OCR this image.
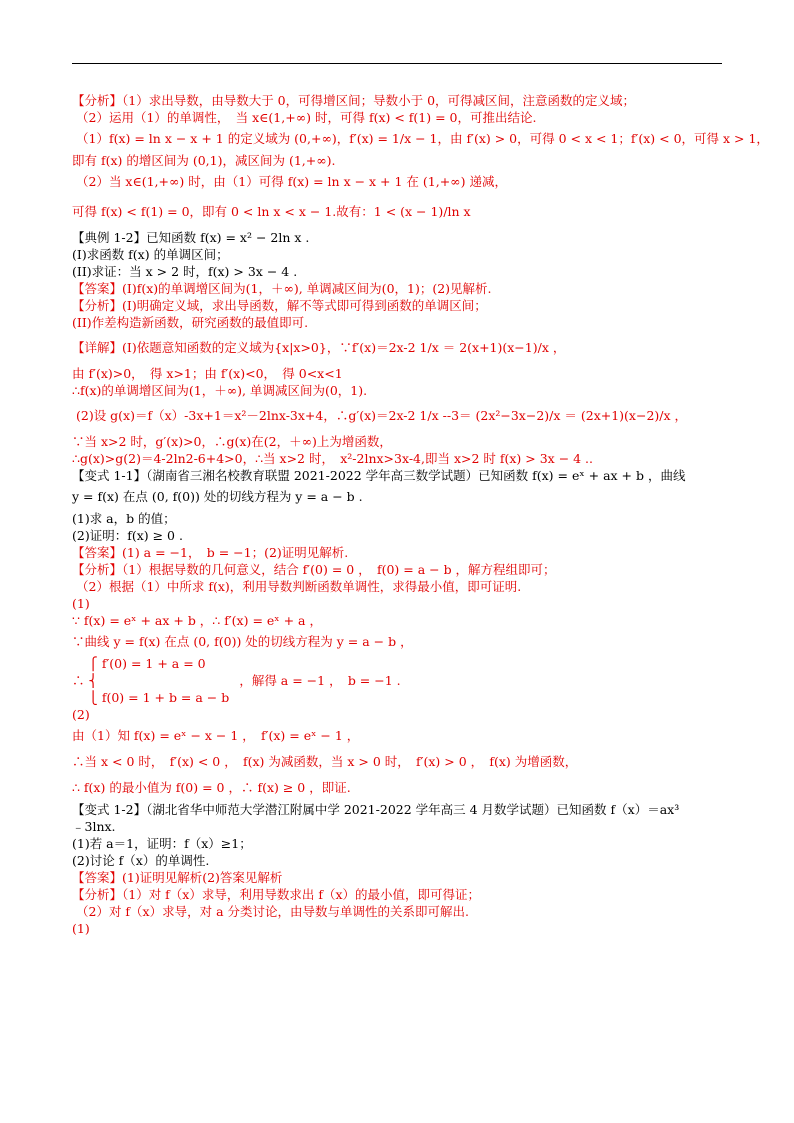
【分析】（1）求出导数，由导数大于 0，可得增区间；导数小于 0，可得减区间，注意函数的定义域；
（2）运用（1）的单调性，　当 x∈(1,+∞) 时，可得 f(x) < f(1) = 0，可推出结论.
（1）f(x) = ln x − x + 1 的定义域为 (0,+∞)，f′(x) = 1/x − 1，由 f′(x) > 0，可得 0 < x < 1；f′(x) < 0，可得 x > 1，
即有 f(x) 的增区间为 (0,1)，减区间为 (1,+∞).
（2）当 x∈(1,+∞) 时，由（1）可得 f(x) = ln x − x + 1 在 (1,+∞) 递减，
可得 f(x) < f(1) = 0，即有 0 < ln x < x − 1.故有：1 < (x − 1)/ln x
【典例 1-2】已知函数 f(x) = x² − 2ln x .
(I)求函数 f(x) 的单调区间；
(II)求证：当 x > 2 时，f(x) > 3x − 4 .
【答案】(I)f(x)的单调增区间为(1，＋∞), 单调减区间为(0，1)；(2)见解析.
【分析】(I)明确定义域，求出导函数，解不等式即可得到函数的单调区间；
(II)作差构造新函数，研究函数的最值即可.
【详解】(I)依题意知函数的定义域为{x|x>0}，∵f′(x)＝2x-2 1/x ＝ 2(x+1)(x−1)/x ，
由 f′(x)>0，　得 x>1；由 f′(x)<0，　得 0<x<1
∴f(x)的单调增区间为(1，＋∞), 单调减区间为(0，1).
(2)设 g(x)＝f（x）-3x+1＝x²－2lnx-3x+4，∴g′(x)＝2x-2 1/x --3＝ (2x²−3x−2)/x ＝ (2x+1)(x−2)/x ，
∵当 x>2 时，g′(x)>0，∴g(x)在(2，＋∞)上为增函数，
∴g(x)>g(2)＝4-2ln2-6+4>0，∴当 x>2 时，　x²-2lnx>3x-4,即当 x>2 时 f(x) > 3x − 4 ..
【变式 1-1】（湖南省三湘名校教育联盟 2021-2022 学年高三数学试题）已知函数 f(x) = eˣ + ax + b ，曲线
y = f(x) 在点 (0, f(0)) 处的切线方程为 y = a − b .
(1)求 a，b 的值；
(2)证明：f(x) ≥ 0 .
【答案】(1) a = −1，　b = −1；(2)证明见解析.
【分析】（1）根据导数的几何意义，结合 f′(0) = 0 ，　f(0) = a − b ，解方程组即可；
（2）根据（1）中所求 f(x)，利用导数判断函数单调性，求得最小值，即可证明.
(1)
∵ f(x) = eˣ + ax + b ，∴ f′(x) = eˣ + a ，
∵曲线 y = f(x) 在点 (0, f(0)) 处的切线方程为 y = a − b ，
　 ⎧ f′(0) = 1 + a = 0
∴ ⎨　　　　　　　　　　　 ，解得 a = −1 ，　b = −1 .
　 ⎩ f(0) = 1 + b = a − b
(2)
由（1）知 f(x) = eˣ − x − 1 ，　f′(x) = eˣ − 1 ，
∴当 x < 0 时，　f′(x) < 0 ，　f(x) 为减函数，当 x > 0 时，　f′(x) > 0 ，　f(x) 为增函数，
∴ f(x) 的最小值为 f(0) = 0 ，∴ f(x) ≥ 0 ，即证.
【变式 1-2】（湖北省华中师范大学潜江附属中学 2021-2022 学年高三 4 月数学试题）已知函数 f（x）＝ax³
﹣3lnx.
(1)若 a＝1，证明：f（x）≥1；
(2)讨论 f（x）的单调性.
【答案】(1)证明见解析(2)答案见解析
【分析】（1）对 f（x）求导，利用导数求出 f（x）的最小值，即可得证；
（2）对 f（x）求导，对 a 分类讨论，由导数与单调性的关系即可解出.
(1)
